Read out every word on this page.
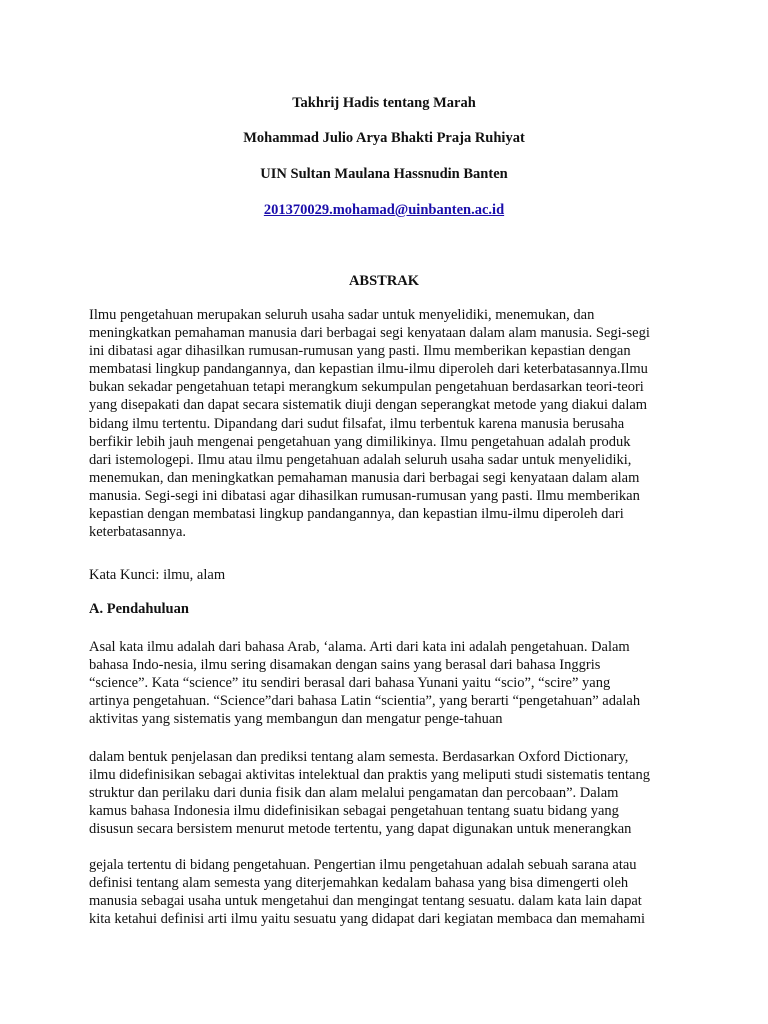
Takhrij Hadis tentang Marah
Mohammad Julio Arya Bhakti Praja Ruhiyat
UIN Sultan Maulana Hassnudin Banten
201370029.mohamad@uinbanten.ac.id
ABSTRAK
Ilmu pengetahuan merupakan seluruh usaha sadar untuk menyelidiki, menemukan, dan
meningkatkan pemahaman manusia dari berbagai segi kenyataan dalam alam manusia. Segi-segi
ini dibatasi agar dihasilkan rumusan-rumusan yang pasti. Ilmu memberikan kepastian dengan
membatasi lingkup pandangannya, dan kepastian ilmu-ilmu diperoleh dari keterbatasannya.Ilmu
bukan sekadar pengetahuan tetapi merangkum sekumpulan pengetahuan berdasarkan teori-teori
yang disepakati dan dapat secara sistematik diuji dengan seperangkat metode yang diakui dalam
bidang ilmu tertentu. Dipandang dari sudut filsafat, ilmu terbentuk karena manusia berusaha
berfikir lebih jauh mengenai pengetahuan yang dimilikinya. Ilmu pengetahuan adalah produk
dari istemologepi. Ilmu atau ilmu pengetahuan adalah seluruh usaha sadar untuk menyelidiki,
menemukan, dan meningkatkan pemahaman manusia dari berbagai segi kenyataan dalam alam
manusia. Segi-segi ini dibatasi agar dihasilkan rumusan-rumusan yang pasti. Ilmu memberikan
kepastian dengan membatasi lingkup pandangannya, dan kepastian ilmu-ilmu diperoleh dari
keterbatasannya.
Kata Kunci: ilmu, alam
A. Pendahuluan
Asal kata ilmu adalah dari bahasa Arab, ‘alama. Arti dari kata ini adalah pengetahuan. Dalam
bahasa Indo-nesia, ilmu sering disamakan dengan sains yang berasal dari bahasa Inggris
“science”. Kata “science” itu sendiri berasal dari bahasa Yunani yaitu “scio”, “scire” yang
artinya pengetahuan. “Science”dari bahasa Latin “scientia”, yang berarti “pengetahuan” adalah
aktivitas yang sistematis yang membangun dan mengatur penge-tahuan
dalam bentuk penjelasan dan prediksi tentang alam semesta. Berdasarkan Oxford Dictionary,
ilmu didefinisikan sebagai aktivitas intelektual dan praktis yang meliputi studi sistematis tentang
struktur dan perilaku dari dunia fisik dan alam melalui pengamatan dan percobaan”. Dalam
kamus bahasa Indonesia ilmu didefinisikan sebagai pengetahuan tentang suatu bidang yang
disusun secara bersistem menurut metode tertentu, yang dapat digunakan untuk menerangkan
gejala tertentu di bidang pengetahuan. Pengertian ilmu pengetahuan adalah sebuah sarana atau
definisi tentang alam semesta yang diterjemahkan kedalam bahasa yang bisa dimengerti oleh
manusia sebagai usaha untuk mengetahui dan mengingat tentang sesuatu. dalam kata lain dapat
kita ketahui definisi arti ilmu yaitu sesuatu yang didapat dari kegiatan membaca dan memahami
